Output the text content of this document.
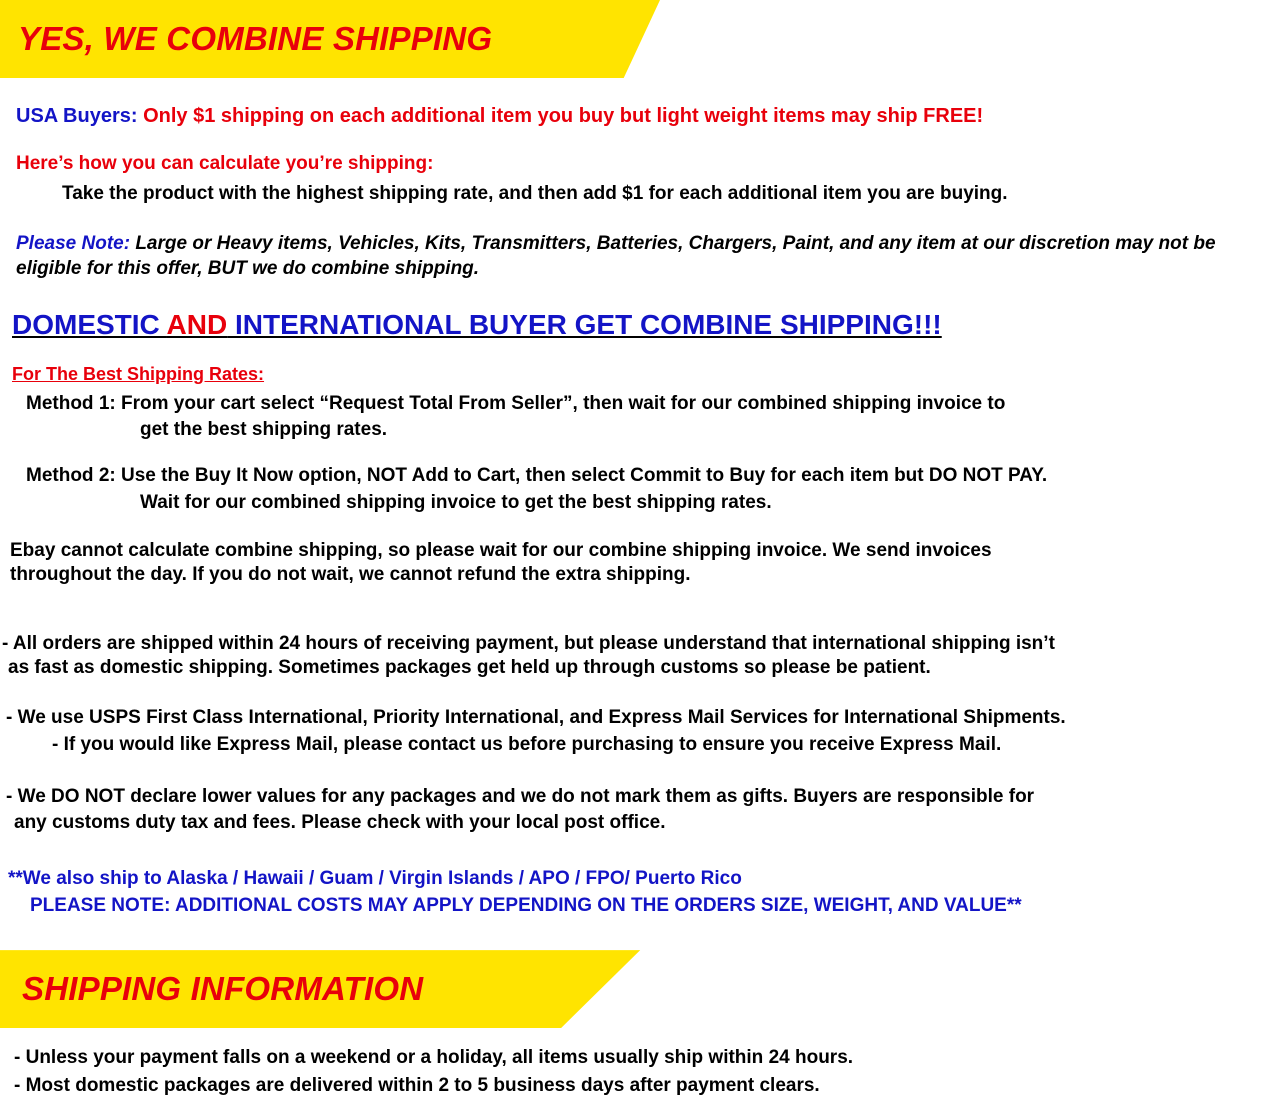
YES, WE COMBINE SHIPPING
USA Buyers: Only $1 shipping on each additional item you buy but light weight items may ship FREE!
Here’s how you can calculate you’re shipping:
Take the product with the highest shipping rate, and then add $1 for each additional item you are buying.
Please Note: Large or Heavy items, Vehicles, Kits, Transmitters, Batteries, Chargers, Paint, and any item at our discretion may not be eligible for this offer, BUT we do combine shipping.
DOMESTIC AND INTERNATIONAL BUYER GET COMBINE SHIPPING!!!
For The Best Shipping Rates:
Method 1: From your cart select “Request Total From Seller”, then wait for our combined shipping invoice to
get the best shipping rates.
Method 2: Use the Buy It Now option, NOT Add to Cart, then select Commit to Buy for each item but DO NOT PAY.
Wait for our combined shipping invoice to get the best shipping rates.
Ebay cannot calculate combine shipping, so please wait for our combine shipping invoice. We send invoices
throughout the day. If you do not wait, we cannot refund the extra shipping.
- All orders are shipped within 24 hours of receiving payment, but please understand that international shipping isn’t
as fast as domestic shipping. Sometimes packages get held up through customs so please be patient.
- We use USPS First Class International, Priority International, and Express Mail Services for International Shipments.
- If you would like Express Mail, please contact us before purchasing to ensure you receive Express Mail.
- We DO NOT declare lower values for any packages and we do not mark them as gifts. Buyers are responsible for
any customs duty tax and fees. Please check with your local post office.
**We also ship to Alaska / Hawaii / Guam / Virgin Islands / APO / FPO/ Puerto Rico
PLEASE NOTE: ADDITIONAL COSTS MAY APPLY DEPENDING ON THE ORDERS SIZE, WEIGHT, AND VALUE**
SHIPPING INFORMATION
- Unless your payment falls on a weekend or a holiday, all items usually ship within 24 hours.
- Most domestic packages are delivered within 2 to 5 business days after payment clears.
